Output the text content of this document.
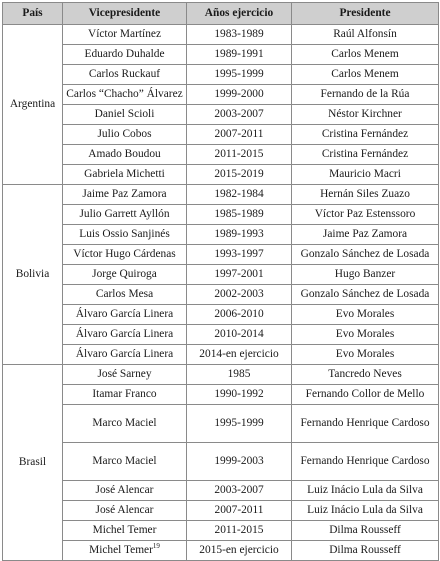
País	Vicepresidente	Años ejercicio	Presidente
Argentina	Víctor Martínez	1983-1989	Raúl Alfonsín
	Eduardo Duhalde	1989-1991	Carlos Menem
	Carlos Ruckauf	1995-1999	Carlos Menem
	Carlos “Chacho” Álvarez	1999-2000	Fernando de la Rúa
	Daniel Scioli	2003-2007	Néstor Kirchner
	Julio Cobos	2007-2011	Cristina Fernández
	Amado Boudou	2011-2015	Cristina Fernández
	Gabriela Michetti	2015-2019	Mauricio Macri
Bolivia	Jaime Paz Zamora	1982-1984	Hernán Siles Zuazo
	Julio Garrett Ayllón	1985-1989	Víctor Paz Estenssoro
	Luis Ossio Sanjinés	1989-1993	Jaime Paz Zamora
	Víctor Hugo Cárdenas	1993-1997	Gonzalo Sánchez de Losada
	Jorge Quiroga	1997-2001	Hugo Banzer
	Carlos Mesa	2002-2003	Gonzalo Sánchez de Losada
	Álvaro García Linera	2006-2010	Evo Morales
	Álvaro García Linera	2010-2014	Evo Morales
	Álvaro García Linera	2014-en ejercicio	Evo Morales
Brasil	José Sarney	1985	Tancredo Neves
	Itamar Franco	1990-1992	Fernando Collor de Mello
	Marco Maciel	1995-1999	Fernando Henrique Cardoso
	Marco Maciel	1999-2003	Fernando Henrique Cardoso
	José Alencar	2003-2007	Luiz Inácio Lula da Silva
	José Alencar	2007-2011	Luiz Inácio Lula da Silva
	Michel Temer	2011-2015	Dilma Rousseff
	Michel Temer$^{19}$	2015-en ejercicio	Dilma Rousseff
